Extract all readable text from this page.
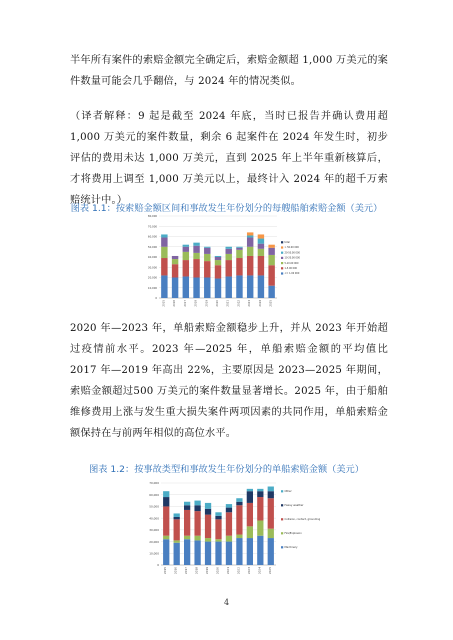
半年所有案件的索赔金额完全确定后，索赔金额超 1,000 万美元的案件数量可能会几乎翻倍，与 2024 年的情况类似。

（译者解释：9 起是截至 2024 年底，当时已报告并确认费用超 1,000 万美元的案件数量，剩余 6 起案件在 2024 年发生时，初步评估的费用未达 1,000 万美元，直到 2025 年上半年重新核算后，才将费用上调至 1,000 万美元以上，最终计入 2024 年的超千万索赔统计中。）

图表 1.1：按索赔金额区间和事故发生年份划分的每艘船舶索赔金额（美元）
0
10,000
20,000
30,000
40,000
50,000
60,000
70,000
80,000
2015	2016	2017	2018	2019	2020	2021	2022	2023	2024	2025
total
> 50.00 000
20-50.00 000
10-20.00 000
5-10.00 000
1-5.00 000
<= 1.00 000

2020 年—2023 年，单船索赔金额稳步上升，并从 2023 年开始超过疫情前水平。2023 年—2025 年，单船索赔金额的平均值比 2017 年—2019 年高出 22%，主要原因是 2023—2025 年期间，索赔金额超过500 万美元的案件数量显著增长。2025 年，由于船舶维修费用上涨与发生重大损失案件两项因素的共同作用，单船索赔金额保持在与前两年相似的高位水平。

图表 1.2：按事故类型和事故发生年份划分的单船索赔金额（美元）
0
10,000
20,000
30,000
40,000
50,000
60,000
70,000
2015 2016 2017 2018 2019 2020 2021 2022 2023 2024 2025
Other
Heavy weather
Collision, contact, grounding
Fire/Explosion
Machinery
4
